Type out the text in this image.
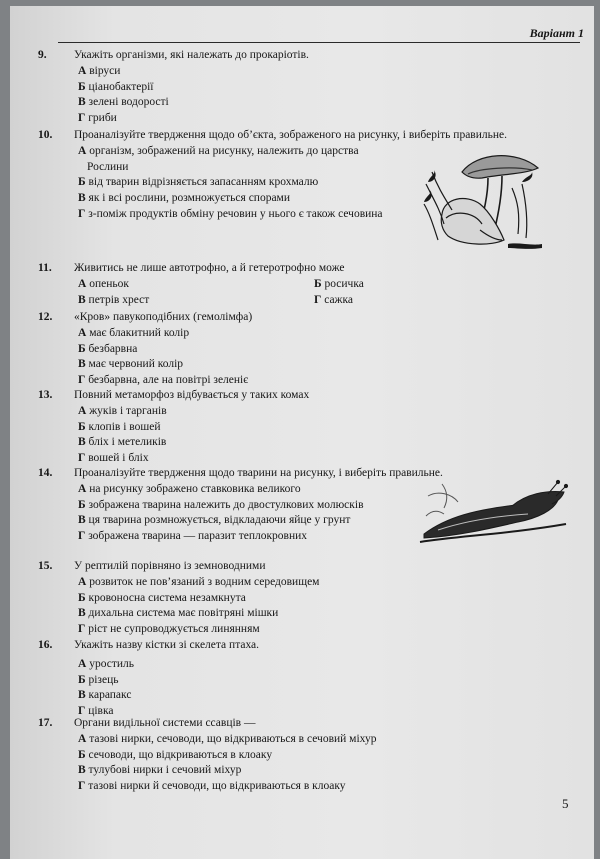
Варіант 1
9.	Укажіть організми, які належать до прокаріотів.
А віруси
Б ціанобактерії
В зелені водорості
Г гриби
10.	Проаналізуйте твердження щодо об’єкта, зображеного на рисунку, і виберіть правильне.
А організм, зображений на рисунку, належить до царства
Рослини
Б від тварин відрізняється запасанням крохмалю
В як і всі рослини, розмножується спорами
Г з-поміж продуктів обміну речовин у нього є також сечовина
11.	Живитись не лише автотрофно, а й гетеротрофно може
А опеньок	Б росичка
В петрів хрест	Г сажка
12.	«Кров» павукоподібних (гемолімфа)
А має блакитний колір
Б безбарвна
В має червоний колір
Г безбарвна, але на повітрі зеленіє
13.	Повний метаморфоз відбувається у таких комах
А жуків і тарганів
Б клопів і вошей
В бліх і метеликів
Г вошей і бліх
14.	Проаналізуйте твердження щодо тварини на рисунку, і виберіть правильне.
А на рисунку зображено ставковика великого
Б зображена тварина належить до двостулкових молюсків
В ця тварина розмножується, відкладаючи яйце у грунт
Г зображена тварина — паразит теплокровних
15.	У рептилій порівняно із земноводними
А розвиток не пов’язаний з водним середовищем
Б кровоносна система незамкнута
В дихальна система має повітряні мішки
Г ріст не супроводжується линянням
16.	Укажіть назву кістки зі скелета птаха.
А уростиль
Б різець
В карапакс
Г цівка
17.	Органи видільної системи ссавців —
А тазові нирки, сечоводи, що відкриваються в сечовий міхур
Б сечоводи, що відкриваються в клоаку
В тулубові нирки і сечовий міхур
Г тазові нирки й сечоводи, що відкриваються в клоаку
5
